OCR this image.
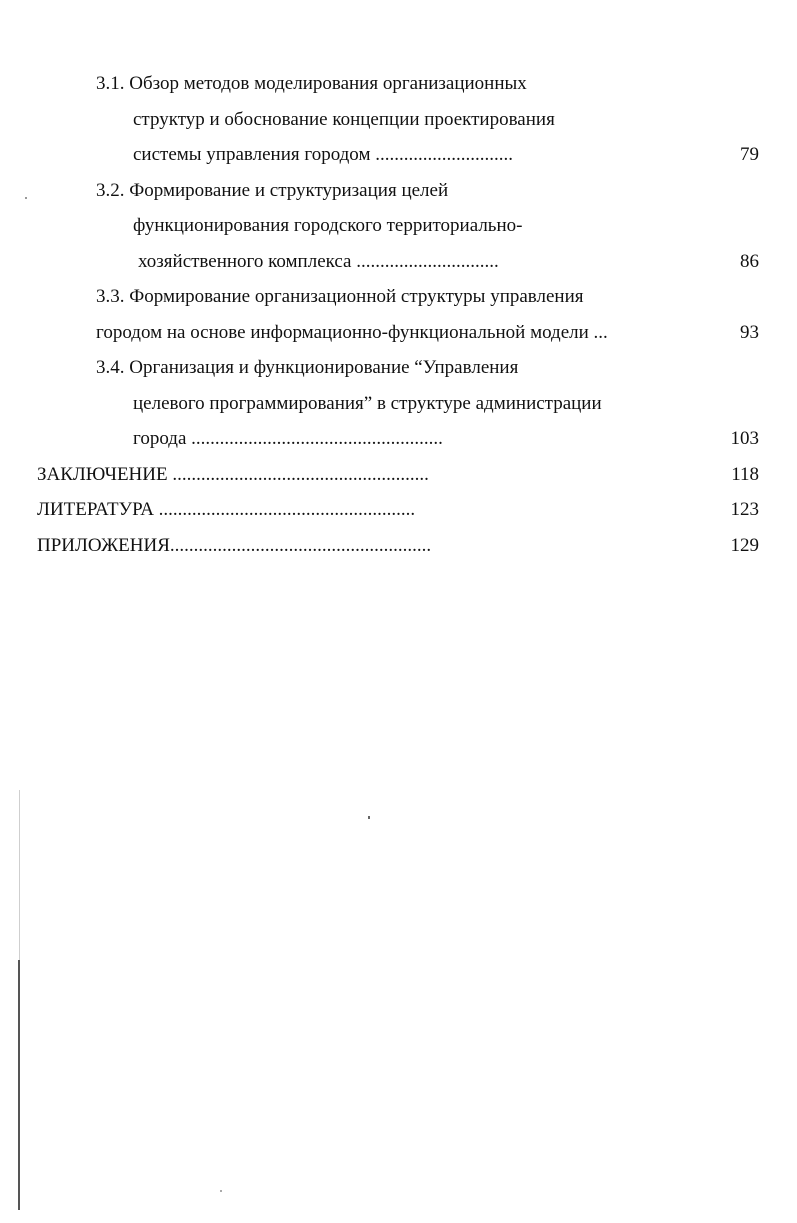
3.1. Обзор методов моделирования организационных
структур и обоснование концепции проектирования
системы управления городом .............................	79
3.2. Формирование и структуризация целей
функционирования городского территориально-
хозяйственного комплекса ..............................	86
3.3. Формирование организационной структуры управления
городом на основе информационно-функциональной модели ...	93
3.4. Организация и функционирование “Управления
целевого программирования” в структуре администрации
города .....................................................	103
ЗАКЛЮЧЕНИЕ ......................................................	118
ЛИТЕРАТУРА ......................................................	123
ПРИЛОЖЕНИЯ.......................................................	129
